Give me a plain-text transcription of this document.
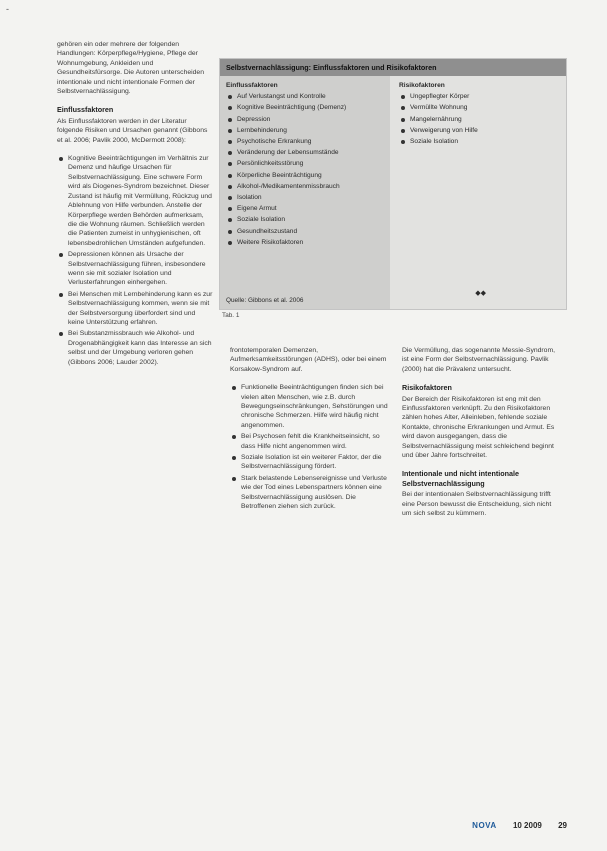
-

gehören ein oder mehrere der folgenden Handlungen: Körperpflege/Hygiene, Pflege der Wohnumgebung, Ankleiden und Gesundheitsfürsorge. Die Autoren unterscheiden intentionale und nicht intentionale Formen der Selbstvernachlässigung.

Einflussfaktoren

Als Einflussfaktoren werden in der Literatur folgende Risiken und Ursachen genannt (Gibbons et al. 2006; Pavlik 2000, McDermott 2008):

Kognitive Beeinträchtigungen im Verhältnis zur Demenz und häufige Ursachen für Selbstvernachlässigung. Eine schwere Form wird als Diogenes-Syndrom bezeichnet. Dieser Zustand ist häufig mit Vermüllung, Rückzug und Ablehnung von Hilfe verbunden. Anstelle der Körperpflege werden Behörden aufmerksam, die die Wohnung räumen. Schließlich werden die Patienten zumeist in unhygienischen, oft lebensbedrohlichen Umständen aufgefunden.
Depressionen können als Ursache der Selbstvernachlässigung führen, insbesondere wenn sie mit sozialer Isolation und Verlusterfahrungen einhergehen.
Bei Menschen mit Lernbehinderung kann es zur Selbstvernachlässigung kommen, wenn sie mit der Selbstversorgung überfordert sind und keine Unterstützung erfahren.
Bei Substanzmissbrauch wie Alkohol- und Drogenabhängigkeit kann das Interesse an sich selbst und der Umgebung verloren gehen (Gibbons 2006; Lauder 2002).
Selbstvernachlässigung: Einflussfaktoren und Risikofaktoren
Einflussfaktoren
Auf Verlustangst und Kontrolle
Kognitive Beeinträchtigung (Demenz)
Depression
Lernbehinderung
Psychotische Erkrankung
Veränderung der Lebensumstände
Persönlichkeitsstörung
Körperliche Beeinträchtigung
Alkohol-/Medikamentenmissbrauch
Isolation
Eigene Armut
Soziale Isolation
Gesundheitszustand
Weitere Risikofaktoren
Quelle: Gibbons et al. 2006
Risikofaktoren
Ungepflegter Körper
Vermüllte Wohnung
Mangelernährung
Verweigerung von Hilfe
Soziale Isolation
◆◆
Tab. 1

frontotemporalen Demenzen, Aufmerksamkeitsstörungen (ADHS), oder bei einem Korsakow-Syndrom auf.

Funktionelle Beeinträchtigungen finden sich bei vielen alten Menschen, wie z.B. durch Bewegungseinschränkungen, Sehstörungen und chronische Schmerzen. Hilfe wird häufig nicht angenommen.
Bei Psychosen fehlt die Krankheitseinsicht, so dass Hilfe nicht angenommen wird.
Soziale Isolation ist ein weiterer Faktor, der die Selbstvernachlässigung fördert.
Stark belastende Lebensereignisse und Verluste wie der Tod eines Lebenspartners können eine Selbstvernachlässigung auslösen. Die Betroffenen ziehen sich zurück.

Die Vermüllung, das sogenannte Messie-Syndrom, ist eine Form der Selbstvernachlässigung. Pavlik (2000) hat die Prävalenz untersucht.

Risikofaktoren

Der Bereich der Risikofaktoren ist eng mit den Einflussfaktoren verknüpft. Zu den Risikofaktoren zählen hohes Alter, Alleinleben, fehlende soziale Kontakte, chronische Erkrankungen und Armut. Es wird davon ausgegangen, dass die Selbstvernachlässigung meist schleichend beginnt und über Jahre fortschreitet.

Intentionale und nicht intentionale Selbstvernachlässigung

Bei der intentionalen Selbstvernachlässigung trifft eine Person bewusst die Entscheidung, sich nicht um sich selbst zu kümmern.

NOVA 10 2009 29
